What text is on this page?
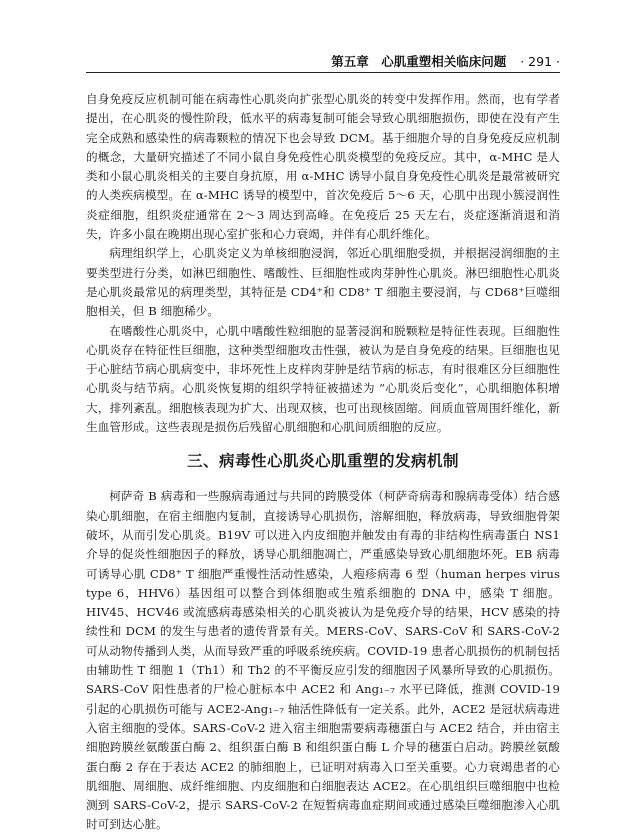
第五章　心肌重塑相关临床问题 · 291 ·

自身免疫反应机制可能在病毒性心肌炎向扩张型心肌炎的转变中发挥作用。然而，也有学者提出，在心肌炎的慢性阶段，低水平的病毒复制可能会导致心肌细胞损伤，即使在没有产生完全成熟和感染性的病毒颗粒的情况下也会导致 DCM。基于细胞介导的自身免疫反应机制的概念，大量研究描述了不同小鼠自身免疫性心肌炎模型的免疫反应。其中，α-MHC 是人类和小鼠心肌炎相关的主要自身抗原，用 α-MHC 诱导小鼠自身免疫性心肌炎是最常被研究的人类疾病模型。在 α-MHC 诱导的模型中，首次免疫后 5～6 天，心肌中出现小簇浸润性炎症细胞，组织炎症通常在 2～3 周达到高峰。在免疫后 25 天左右，炎症逐渐消退和消失，许多小鼠在晚期出现心室扩张和心力衰竭，并伴有心肌纤维化。

病理组织学上，心肌炎定义为单核细胞浸润，邻近心肌细胞受损，并根据浸润细胞的主要类型进行分类，如淋巴细胞性、嗜酸性、巨细胞性或肉芽肿性心肌炎。淋巴细胞性心肌炎是心肌炎最常见的病理类型，其特征是 CD4⁺和 CD8⁺ T 细胞主要浸润，与 CD68⁺巨噬细胞相关，但 B 细胞稀少。

在嗜酸性心肌炎中，心肌中嗜酸性粒细胞的显著浸润和脱颗粒是特征性表现。巨细胞性心肌炎存在特征性巨细胞，这种类型细胞攻击性强，被认为是自身免疫的结果。巨细胞也见于心脏结节病心肌病变中，非坏死性上皮样肉芽肿是结节病的标志，有时很难区分巨细胞性心肌炎与结节病。心肌炎恢复期的组织学特征被描述为 “心肌炎后变化”，心肌细胞体积增大，排列紊乱。细胞核表现为扩大、出现双核，也可出现核固缩。间质血管周围纤维化，新生血管形成。这些表现是损伤后残留心肌细胞和心肌间质细胞的反应。

三、病毒性心肌炎心肌重塑的发病机制

柯萨奇 B 病毒和一些腺病毒通过与共同的跨膜受体（柯萨奇病毒和腺病毒受体）结合感染心肌细胞，在宿主细胞内复制，直接诱导心肌损伤，溶解细胞，释放病毒，导致细胞骨架破坏，从而引发心肌炎。B19V 可以进入内皮细胞并触发由有毒的非结构性病毒蛋白 NS1 介导的促炎性细胞因子的释放，诱导心肌细胞凋亡，严重感染导致心肌细胞坏死。EB 病毒可诱导心肌 CD8⁺ T 细胞严重慢性活动性感染，人疱疹病毒 6 型（human herpes virus type 6，HHV6）基因组可以整合到体细胞或生殖系细胞的 DNA 中，感染 T 细胞。HIV45、HCV46 或流感病毒感染相关的心肌炎被认为是免疫介导的结果，HCV 感染的持续性和 DCM 的发生与患者的遗传背景有关。MERS-CoV、SARS-CoV 和 SARS-CoV-2 可从动物传播到人类，从而导致严重的呼吸系统疾病。COVID-19 患者心肌损伤的机制包括由辅助性 T 细胞 1（Th1）和 Th2 的不平衡反应引发的细胞因子风暴所导致的心肌损伤。SARS-CoV 阳性患者的尸检心脏标本中 ACE2 和 Ang₁₋₇ 水平已降低，推测 COVID-19 引起的心肌损伤可能与 ACE2-Ang₁₋₇ 轴活性降低有一定关系。此外，ACE2 是冠状病毒进入宿主细胞的受体。SARS-CoV-2 进入宿主细胞需要病毒穗蛋白与 ACE2 结合，并由宿主细胞跨膜丝氨酸蛋白酶 2、组织蛋白酶 B 和组织蛋白酶 L 介导的穗蛋白启动。跨膜丝氨酸蛋白酶 2 存在于表达 ACE2 的肺细胞上，已证明对病毒入口至关重要。心力衰竭患者的心肌细胞、周细胞、成纤维细胞、内皮细胞和白细胞表达 ACE2。在心肌组织巨噬细胞中也检测到 SARS-CoV-2，提示 SARS-CoV-2 在短暂病毒血症期间或通过感染巨噬细胞渗入心肌时可到达心脏。
